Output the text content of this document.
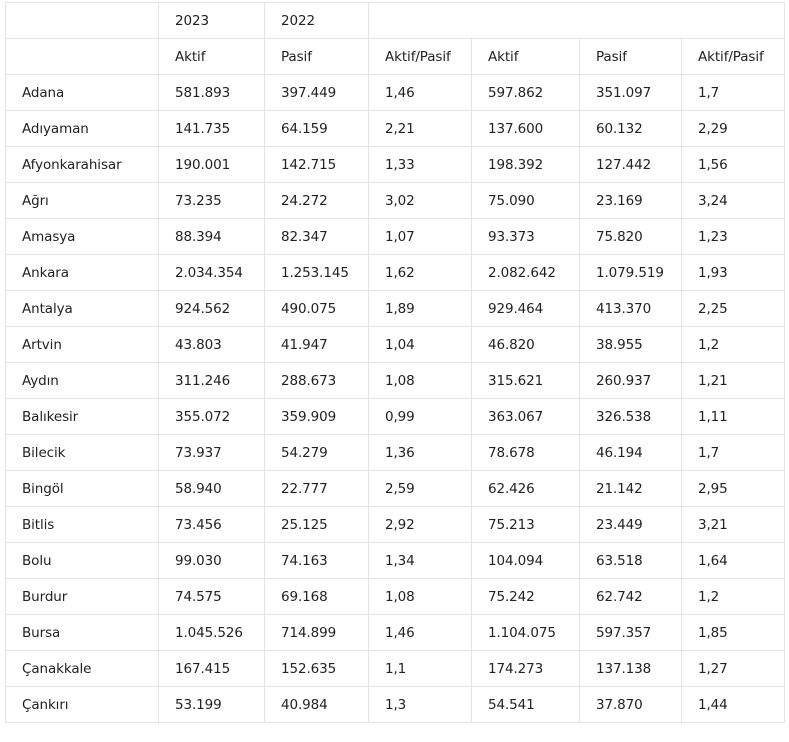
	2023	2022				
	Aktif	Pasif	Aktif/Pasif	Aktif	Pasif	Aktif/Pasif
Adana	581.893	397.449	1,46	597.862	351.097	1,7
Adıyaman	141.735	64.159	2,21	137.600	60.132	2,29
Afyonkarahisar	190.001	142.715	1,33	198.392	127.442	1,56
Ağrı	73.235	24.272	3,02	75.090	23.169	3,24
Amasya	88.394	82.347	1,07	93.373	75.820	1,23
Ankara	2.034.354	1.253.145	1,62	2.082.642	1.079.519	1,93
Antalya	924.562	490.075	1,89	929.464	413.370	2,25
Artvin	43.803	41.947	1,04	46.820	38.955	1,2
Aydın	311.246	288.673	1,08	315.621	260.937	1,21
Balıkesir	355.072	359.909	0,99	363.067	326.538	1,11
Bilecik	73.937	54.279	1,36	78.678	46.194	1,7
Bingöl	58.940	22.777	2,59	62.426	21.142	2,95
Bitlis	73.456	25.125	2,92	75.213	23.449	3,21
Bolu	99.030	74.163	1,34	104.094	63.518	1,64
Burdur	74.575	69.168	1,08	75.242	62.742	1,2
Bursa	1.045.526	714.899	1,46	1.104.075	597.357	1,85
Çanakkale	167.415	152.635	1,1	174.273	137.138	1,27
Çankırı	53.199	40.984	1,3	54.541	37.870	1,44
